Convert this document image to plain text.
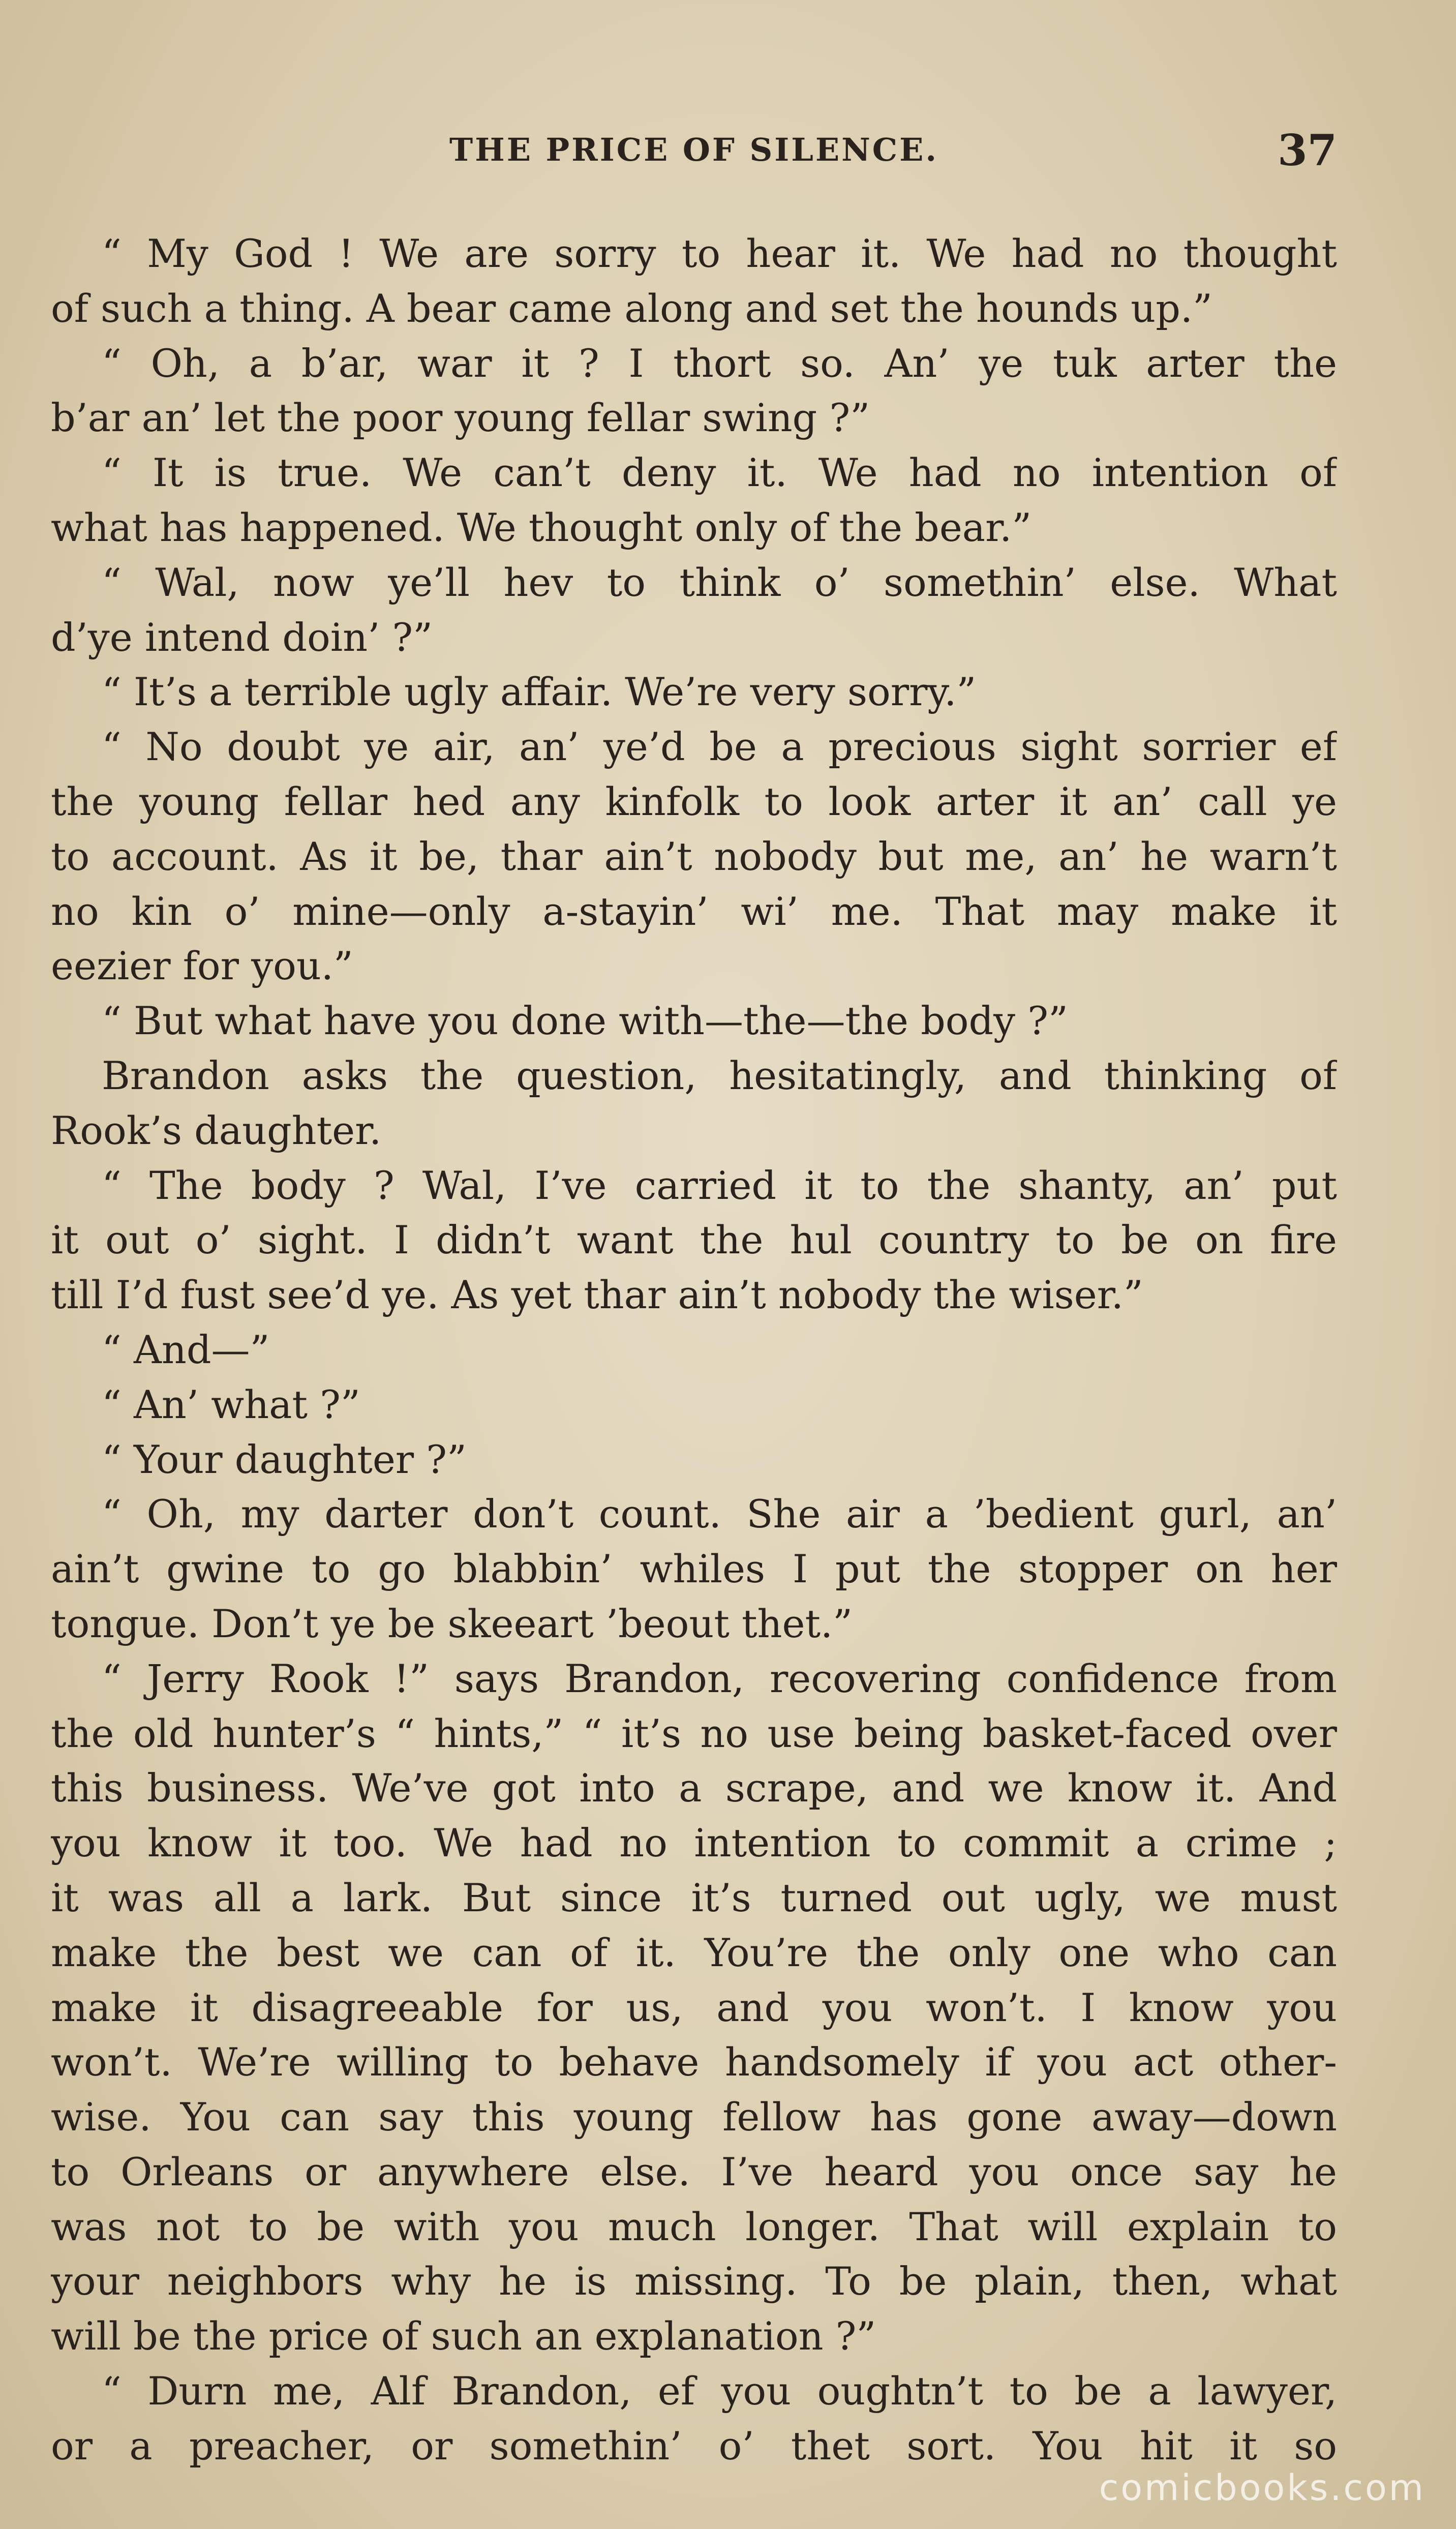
THE PRICE OF SILENCE.	37
“ My God ! We are sorry to hear it. We had no thought
of such a thing. A bear came along and set the hounds up.”
“ Oh, a b’ar, war it ? I thort so. An’ ye tuk arter the
b’ar an’ let the poor young fellar swing ?”
“ It is true. We can’t deny it. We had no intention of
what has happened. We thought only of the bear.”
“ Wal, now ye’ll hev to think o’ somethin’ else. What
d’ye intend doin’ ?”
“ It’s a terrible ugly affair. We’re very sorry.”
“ No doubt ye air, an’ ye’d be a precious sight sorrier ef
the young fellar hed any kinfolk to look arter it an’ call ye
to account. As it be, thar ain’t nobody but me, an’ he warn’t
no kin o’ mine—only a-stayin’ wi’ me. That may make it
eezier for you.”
“ But what have you done with—the—the body ?”
Brandon asks the question, hesitatingly, and thinking of
Rook’s daughter.
“ The body ? Wal, I’ve carried it to the shanty, an’ put
it out o’ sight. I didn’t want the hul country to be on fire
till I’d fust see’d ye. As yet thar ain’t nobody the wiser.”
“ And—”
“ An’ what ?”
“ Your daughter ?”
“ Oh, my darter don’t count. She air a ’bedient gurl, an’
ain’t gwine to go blabbin’ whiles I put the stopper on her
tongue. Don’t ye be skeeart ’beout thet.”
“ Jerry Rook !” says Brandon, recovering confidence from
the old hunter’s “ hints,” “ it’s no use being basket-faced over
this business. We’ve got into a scrape, and we know it. And
you know it too. We had no intention to commit a crime ;
it was all a lark. But since it’s turned out ugly, we must
make the best we can of it. You’re the only one who can
make it disagreeable for us, and you won’t. I know you
won’t. We’re willing to behave handsomely if you act other-
wise. You can say this young fellow has gone away—down
to Orleans or anywhere else. I’ve heard you once say he
was not to be with you much longer. That will explain to
your neighbors why he is missing. To be plain, then, what
will be the price of such an explanation ?”
“ Durn me, Alf Brandon, ef you oughtn’t to be a lawyer,
or a preacher, or somethin’ o’ thet sort. You hit it so
comicbooks.com
